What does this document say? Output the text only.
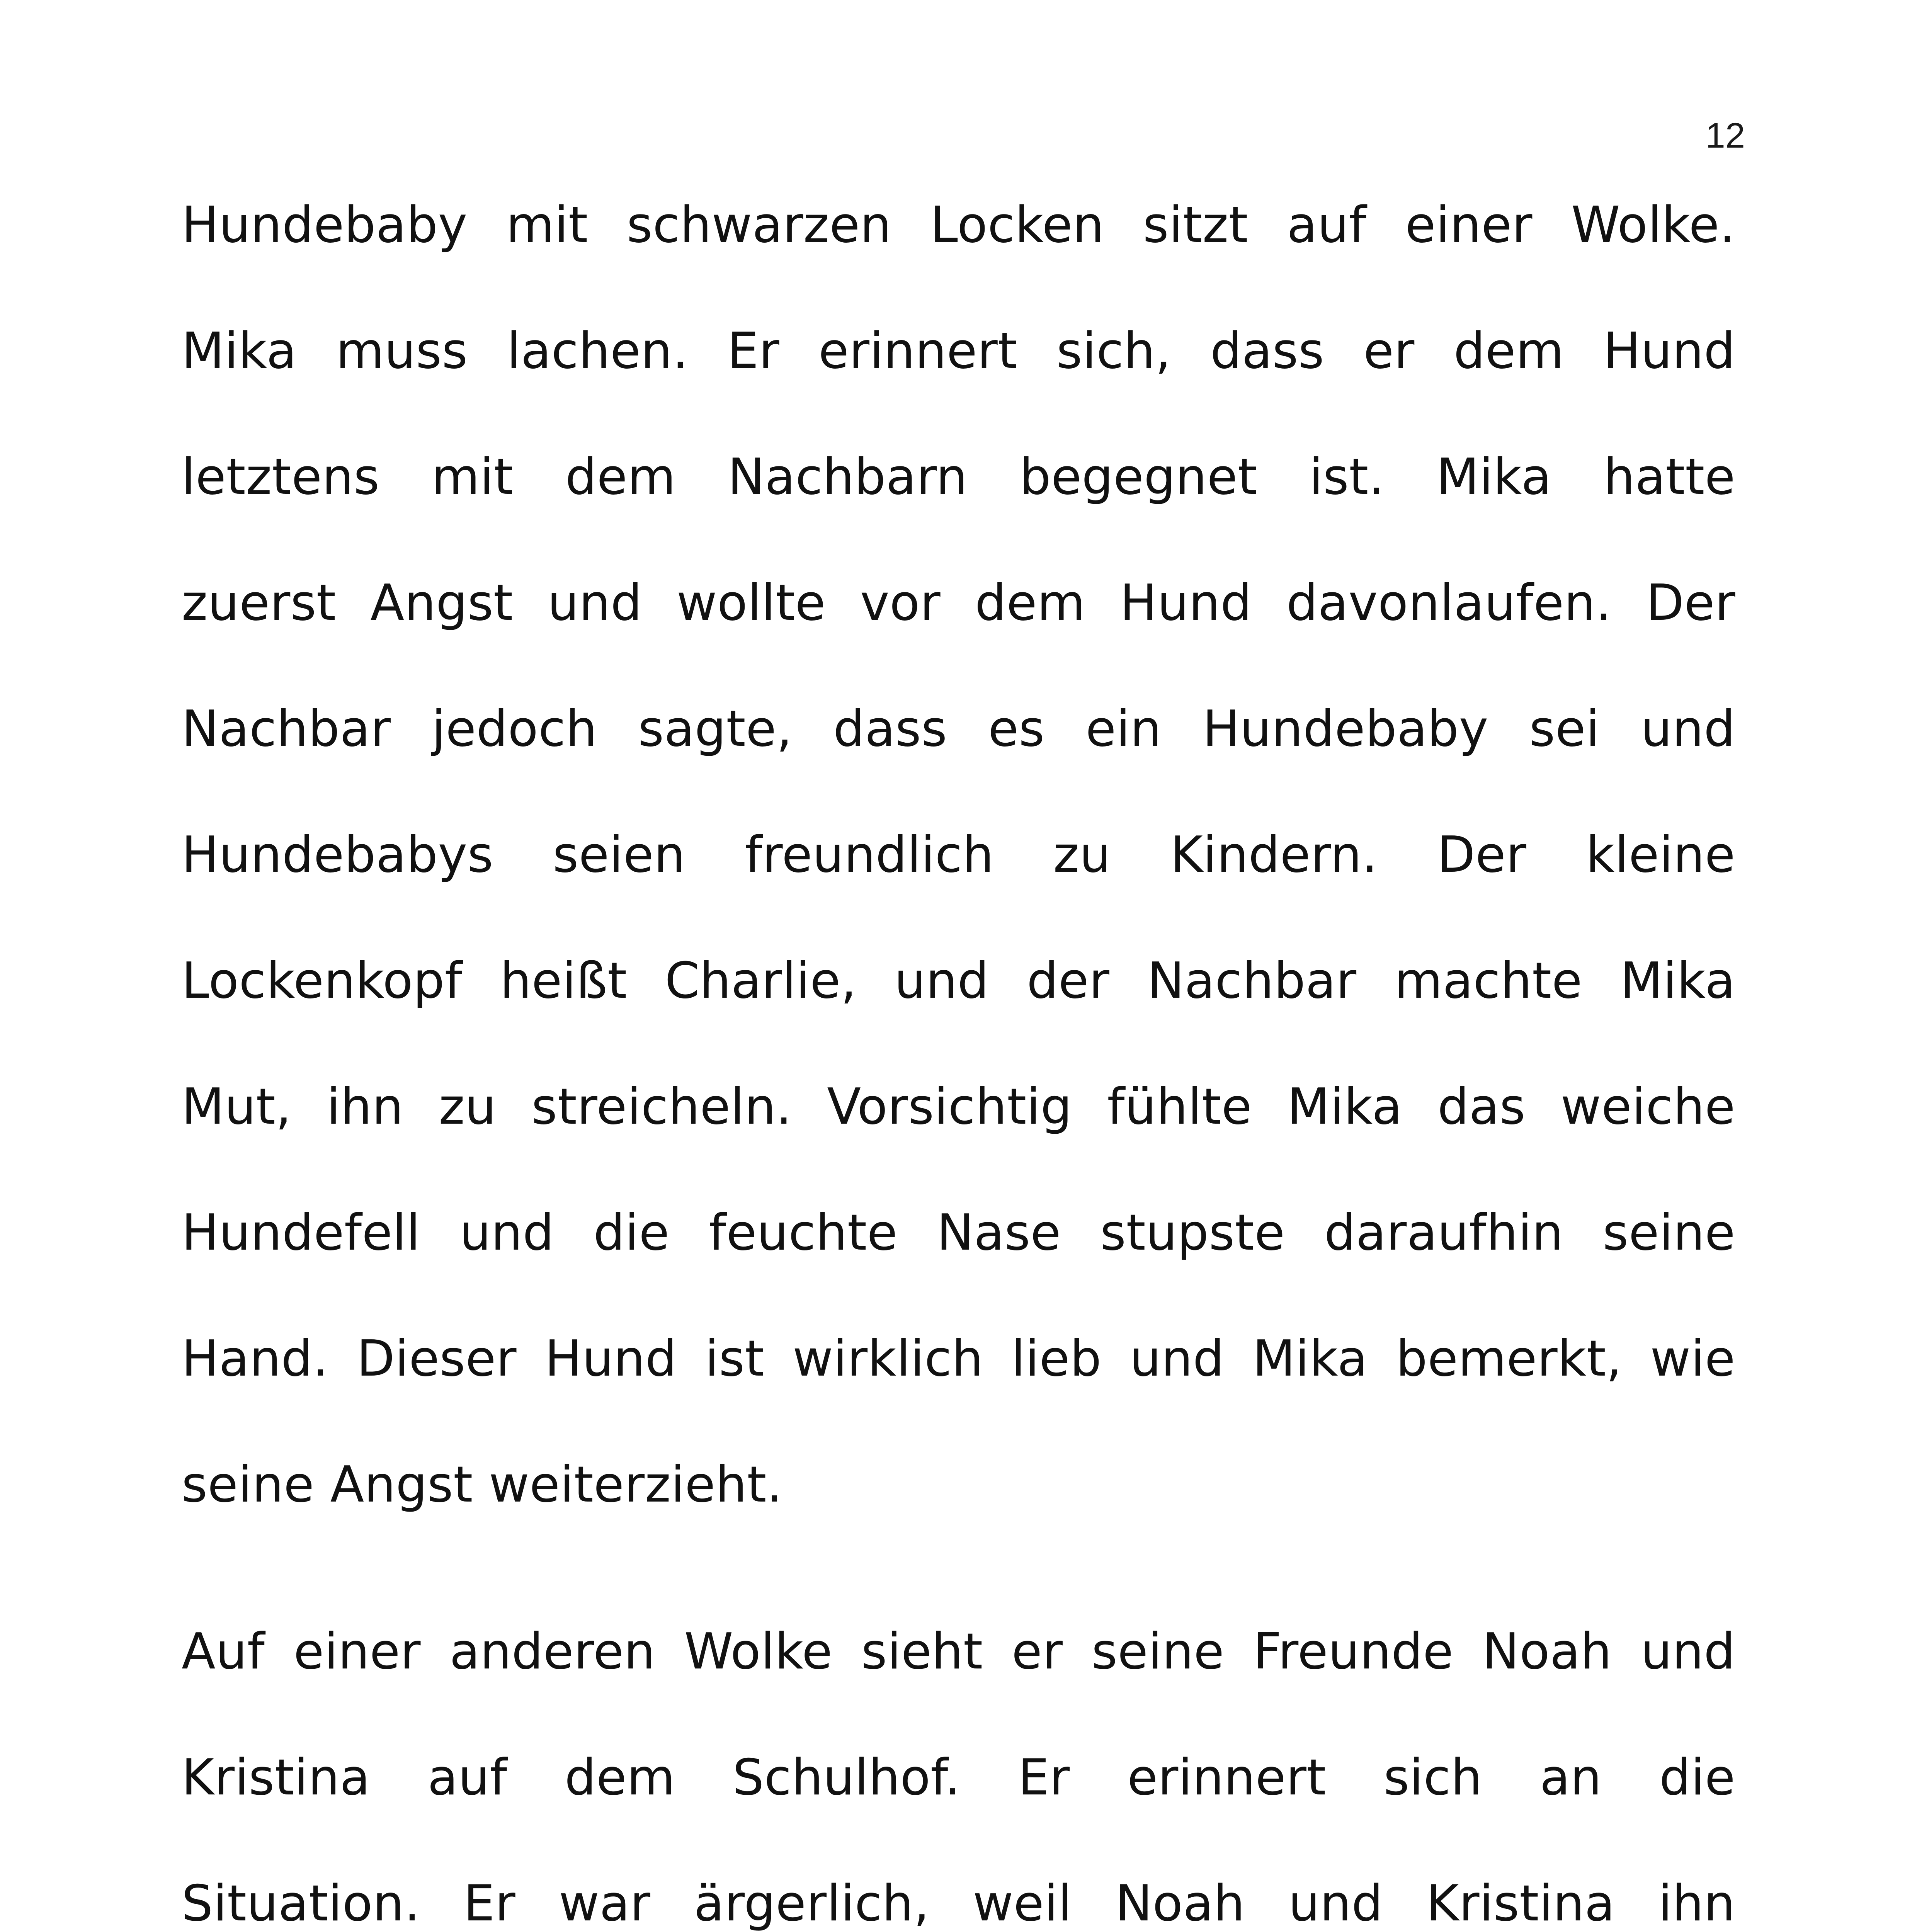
12
Hundebaby mit schwarzen Locken sitzt auf einer Wolke.
Mika muss lachen. Er erinnert sich, dass er dem Hund
letztens mit dem Nachbarn begegnet ist. Mika hatte
zuerst Angst und wollte vor dem Hund davonlaufen. Der
Nachbar jedoch sagte, dass es ein Hundebaby sei und
Hundebabys seien freundlich zu Kindern. Der kleine
Lockenkopf heißt Charlie, und der Nachbar machte Mika
Mut, ihn zu streicheln. Vorsichtig fühlte Mika das weiche
Hundefell und die feuchte Nase stupste daraufhin seine
Hand. Dieser Hund ist wirklich lieb und Mika bemerkt, wie
seine Angst weiterzieht.
Auf einer anderen Wolke sieht er seine Freunde Noah und
Kristina auf dem Schulhof. Er erinnert sich an die
Situation. Er war ärgerlich, weil Noah und Kristina ihn
